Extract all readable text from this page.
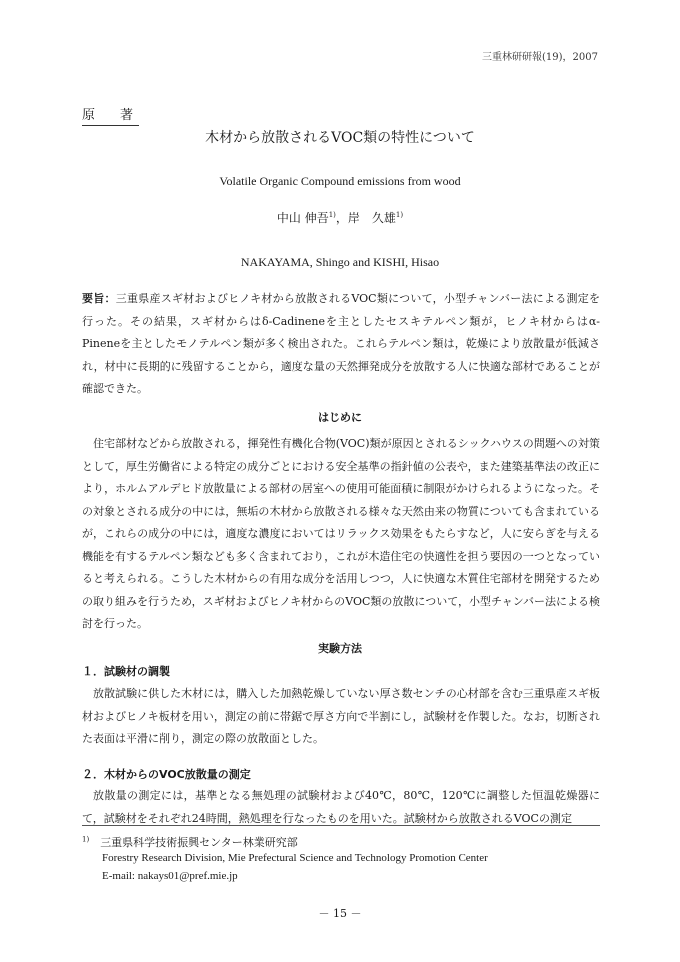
三重林研研報(19)，2007
原　著
木材から放散されるVOC類の特性について
Volatile Organic Compound emissions from wood
中山 伸吾$^{1)}$，岸　久雄$^{1)}$
NAKAYAMA, Shingo and KISHI, Hisao
要旨：三重県産スギ材およびヒノキ材から放散されるVOC類について，小型チャンバー法による測定を行った。その結果，スギ材からはδ-Cadineneを主としたセスキテルペン類が，ヒノキ材からはα-Pineneを主としたモノテルペン類が多く検出された。これらテルペン類は，乾燥により放散量が低減され，材中に長期的に残留することから，適度な量の天然揮発成分を放散する人に快適な部材であることが確認できた。
はじめに
住宅部材などから放散される，揮発性有機化合物(VOC)類が原因とされるシックハウスの問題への対策として，厚生労働省による特定の成分ごとにおける安全基準の指針値の公表や，また建築基準法の改正により，ホルムアルデヒド放散量による部材の居室への使用可能面積に制限がかけられるようになった。その対象とされる成分の中には，無垢の木材から放散される様々な天然由来の物質についても含まれているが，これらの成分の中には，適度な濃度においてはリラックス効果をもたらすなど，人に安らぎを与える機能を有するテルペン類なども多く含まれており，これが木造住宅の快適性を担う要因の一つとなっていると考えられる。こうした木材からの有用な成分を活用しつつ，人に快適な木質住宅部材を開発するための取り組みを行うため，スギ材およびヒノキ材からのVOC類の放散について，小型チャンバー法による検討を行った。
実験方法
１．試験材の調製
放散試験に供した木材には，購入した加熱乾燥していない厚さ数センチの心材部を含む三重県産スギ板材およびヒノキ板材を用い，測定の前に帯鋸で厚さ方向で半割にし，試験材を作製した。なお，切断された表面は平滑に削り，測定の際の放散面とした。
２．木材からのVOC放散量の測定
放散量の測定には，基準となる無処理の試験材および40℃，80℃，120℃に調整した恒温乾燥器にて，試験材をそれぞれ24時間，熱処理を行なったものを用いた。試験材から放散されるVOCの測定
$^{1)}$　 三重県科学技術振興センター林業研究部
Forestry Research Division, Mie Prefectural Science and Technology Promotion Center
E-mail: nakays01@pref.mie.jp
－ 15 －
